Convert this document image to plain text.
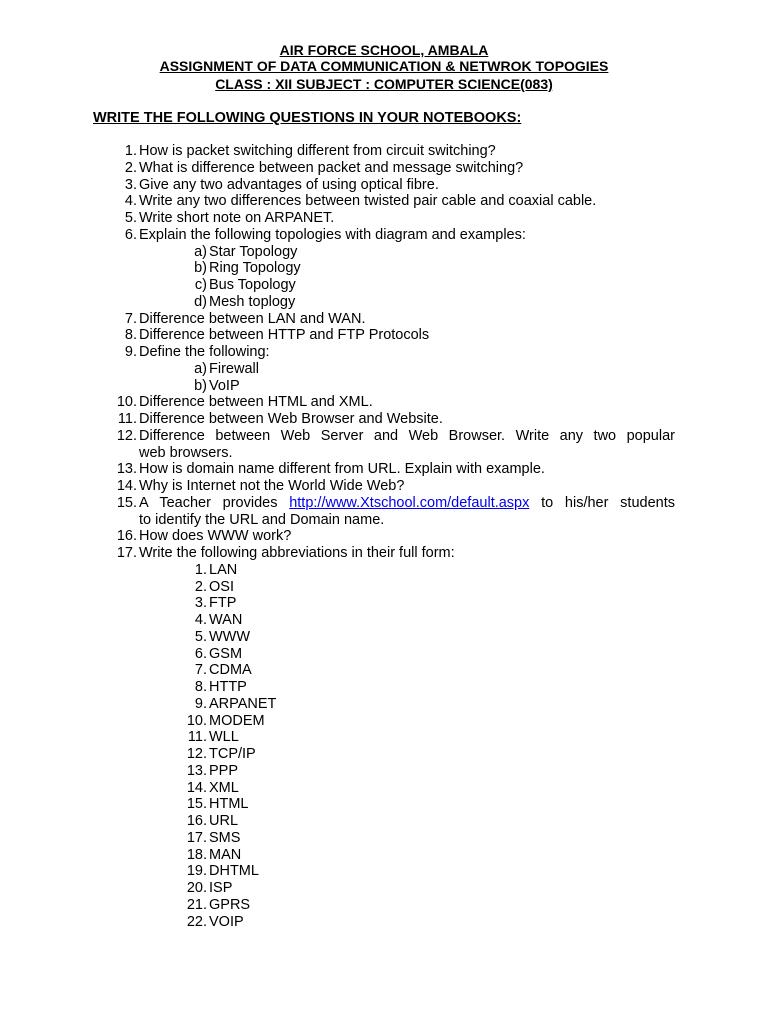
AIR FORCE SCHOOL, AMBALA
ASSIGNMENT OF DATA COMMUNICATION & NETWROK TOPOGIES
CLASS : XII SUBJECT : COMPUTER SCIENCE(083)
WRITE THE FOLLOWING QUESTIONS IN YOUR NOTEBOOKS:
1. How is packet switching different from circuit switching?
2. What is difference between packet and message switching?
3. Give any two advantages of using optical fibre.
4. Write any two differences between twisted pair cable and coaxial cable.
5. Write short note on ARPANET.
6. Explain the following topologies with diagram and examples:
a) Star Topology
b) Ring Topology
c) Bus Topology
d) Mesh toplogy
7. Difference between LAN and WAN.
8. Difference between HTTP and FTP Protocols
9. Define the following:
a) Firewall
b) VoIP
10. Difference between HTML and XML.
11. Difference between Web Browser and Website.
12. Difference between Web Server and Web Browser. Write any two popular
web browsers.
13. How is domain name different from URL. Explain with example.
14. Why is Internet not the World Wide Web?
15. A Teacher provides http://www.Xtschool.com/default.aspx to his/her students
to identify the URL and Domain name.
16. How does WWW work?
17. Write the following abbreviations in their full form:
1. LAN
2. OSI
3. FTP
4. WAN
5. WWW
6. GSM
7. CDMA
8. HTTP
9. ARPANET
10. MODEM
11. WLL
12. TCP/IP
13. PPP
14. XML
15. HTML
16. URL
17. SMS
18. MAN
19. DHTML
20. ISP
21. GPRS
22. VOIP
